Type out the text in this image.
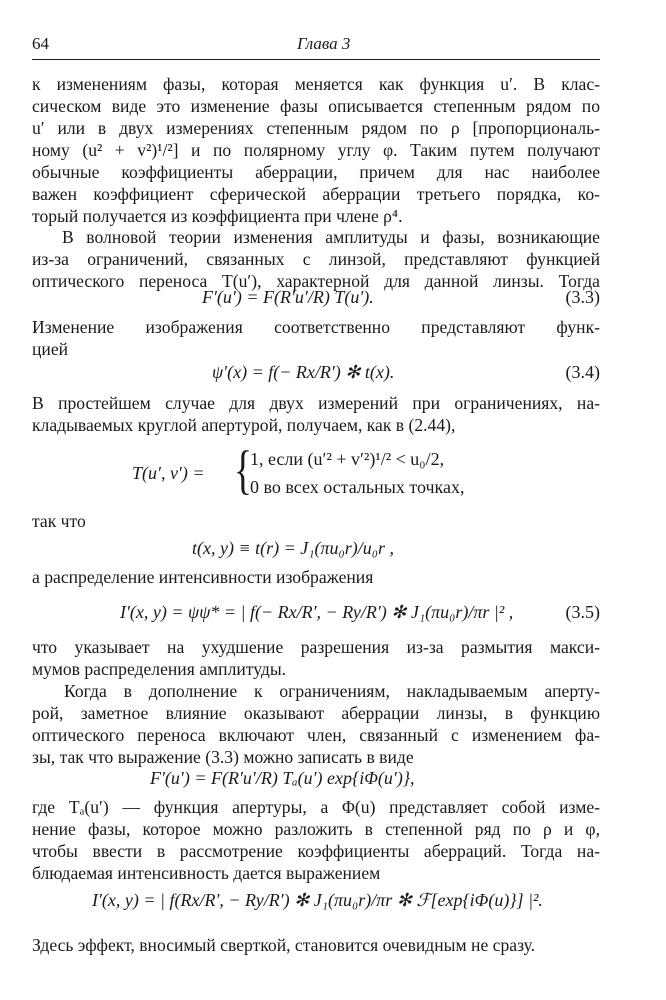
64	Глава 3
к изменениям фазы, которая меняется как функция u′. В клас-
сическом виде это изменение фазы описывается степенным рядом по
u′ или в двух измерениях степенным рядом по ρ [пропорциональ-
ному (u² + v²)¹/²] и по полярному углу φ. Таким путем получают
обычные коэффициенты аберрации, причем для нас наиболее
важен коэффициент сферической аберрации третьего порядка, ко-
торый получается из коэффициента при члене ρ⁴.
В волновой теории изменения амплитуды и фазы, возникающие
из-за ограничений, связанных с линзой, представляют функцией
оптического переноса T(u′), характерной для данной линзы. Тогда
F′(u′) = F(R′u′/R) T(u′).	(3.3)
Изменение изображения соответственно представляют функ-
цией
ψ′(x) = f(− Rx/R′) ✻ t(x).	(3.4)
В простейшем случае для двух измерений при ограничениях, на-
кладываемых круглой апертурой, получаем, как в (2.44),
T(u′, v′) = {
1, если (u′² + v′²)¹/² < u₀/2,
0 во всех остальных точках,
так что
t(x, y) ≡ t(r) = J₁(πu₀r)/u₀r ,
а распределение интенсивности изображения
I′(x, y) = ψψ* = | f(− Rx/R′, − Ry/R′) ✻ J₁(πu₀r)/πr |² ,	(3.5)
что указывает на ухудшение разрешения из-за размытия макси-
мумов распределения амплитуды.
Когда в дополнение к ограничениям, накладываемым аперту-
рой, заметное влияние оказывают аберрации линзы, в функцию
оптического переноса включают член, связанный с изменением фа-
зы, так что выражение (3.3) можно записать в виде
F′(u′) = F(R′u′/R) Tₐ(u′) exp{iΦ(u′)},
где Tₐ(u′) — функция апертуры, а Φ(u) представляет собой изме-
нение фазы, которое можно разложить в степенной ряд по ρ и φ,
чтобы ввести в рассмотрение коэффициенты аберраций. Тогда на-
блюдаемая интенсивность дается выражением
I′(x, y) = | f(Rx/R′, − Ry/R′) ✻ J₁(πu₀r)/πr ✻ ℱ[exp{iΦ(u)}] |².
Здесь эффект, вносимый сверткой, становится очевидным не сразу.
